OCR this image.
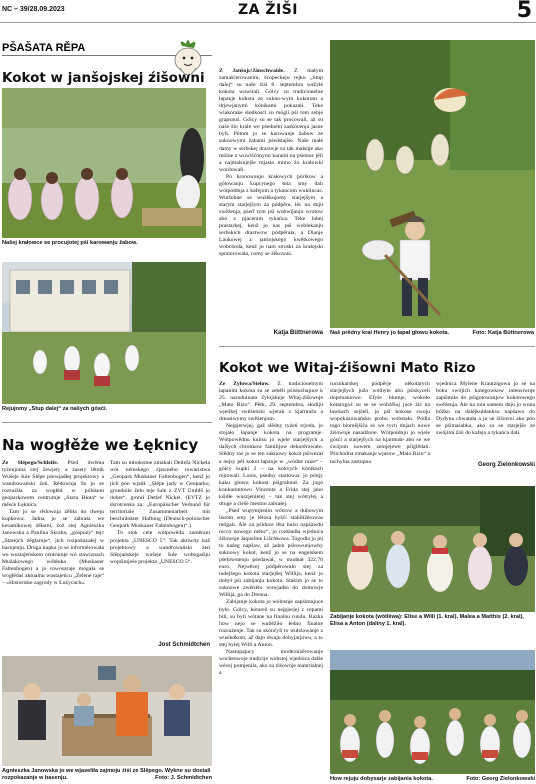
NC – 39/28.09.2023	ZA ŽIŠI	5
PŠAŠATA RĚPA
Kokot w janšojskej źišowni
Našej krałowce se procujotej pśi karowanju žabow.
Rejujomy „Stup dalej“ za našych gósći.

Z Janšojc/Jänschwalde. Z małym zamašćerowanim, šćopeckeju rejku „Stup dalej“ su naše źiśi 8. septembra wažyłe kokota wuwitali. Gólcy su tradicionelne łapanje kokota ze sukno-wym kokotom a drjewjanymi kónikami pokazali. Teke wiakorake słodkosći su mógli pśi tom sebje grapsnuś. Gólcy su se tak procowali, až su naše šio krale we pśedném zaskócenju jasne byli. Pótom jo se karowanje žabow ze suknowymi žabami pśedstajiło. Naše małe damy w serbskej drastwje su tak małsnje ako mólne z wuwišćonymi karami na pśemoc jěli a najmalsnjejše mjasto mimo źo krałowki wordowali.

Pó kronowanju krałowych pórikow a gótowanju kupcynego łota smy dali wótpołdnja z kafejom a tykancom wuklincas. Wutšobne se wužěkujomy starjejšym a starym starjejšym za pódpěru, lěc na dnju swěźenja, pśeď tym pśi wobwijanju wrotow abo z pjacenim tykańca. Teke lubej prastarkej, kenž jo nas pśi woblekanju serbskich drastwow pódpěrała, a Dianje Laukowej z janšojskego kwětkowego wobchoda, kenž jo nam struski za krałojski sponorowała, comy se źěkowaś.

Katja Büttnerowa Naš prědny kral Henry jo łapał głowu kokota.	Foto: Katja Büttnerowa
Kokot we Witaj-źišowni Mato Rizo

Ze Žylowa/Sielow. Z tradicionelnym łapanim kokota su se zeběli pśisłuchajuce k 25. narodninam žylojskeje Witaj-źišownje „Mato Rizo“. Pětk, 29. septembra, słodiju wjelikej swěźeński wjerak z kjarmušu a dreastwymy swěźenjom.

Nejpjerwjej, gaž slědny tyźeń srjodu, jo stojało łapanje kokota na programje. Wótpowědnu kulisu jo wjele starjejšych a dalšych chronkow familijow dekorěrowało. Slědny raz jo se ten suknowy kokot pśiwezał a nejsy pěl kokot łapanje w „wódne nuze“ – gólcy kupki 2 – na kokvych kónikach rejtowali. Lonis, pśedny startowar, jo pónjy kaku głowu kokota pśigrabnuł. Za jogo konkurentowu Vincenta a Frida stej jano kśidłe wuszjenietej – tak stej wótrylej a druge a ćiešè mestno zabrałej.

„Pśed wupytnjenim wótrow a dubowym listom smy je lětosa hyšći stabiliźěrowas mógali. Ale za pśiduce lěta buźo napšawdu nicco nowego měnc“, jo rozkładła wjednica źišownje Jaqueline Lišchkowa. Togodla jo jej to naźeg napšaw, až jaden pśirowunjowby suknowy kokot, kenž jo se na engelskem pśebiwstenju pśedawał, w mudnał 322,70 euro. Nejwěcej pódpěrowało stej za tudejšego kokota starjejšej Willija, kenž jo dobył pśi zabijanju kokota. Stakim jo se to suknowe zwěriěto wuwjadło do domowje Willija, ga do Dresna.

Zabijanje kokota jo wólosnje zapśimujuce było. Gólcy, kótarež su nejpjerjej z cepami bili, su byli wótane na finalnu rundu. Razka how nejo se wuběźiło łedno finalne rozsuźenje. Tak su skónčyli to wubźowanje z wusledkom, až dajo dwaju dobyjarjowu, a to stej byłej Willi a Anton.

Nastupajucy modernizěrowanje wochenwoje tradicije wobstoj wjednica dalše wěcej pomjenila, ako su źiśownje materialnej a

rucnikarskej pódpěrje někotarych starjejšych južo wótbyte abo pśiskyceli dopónaniowe. Efyśe blumje, wokoło kótarogoź su se se wobźěluj juce źiś na ławkach sejźeli, jo pśi kokose swoju wopokazowańsku probu wobstało. Pódla togo blomějšiča se we tych dnjach nowe źiśownje nasadźone. Wótpołdnju jo wjele gósći a starjejšych na kjarmuše abo se we swójom nowem zemjejewe pśiglědali. Pśichodna zmakanje wjasow „Mato Rizo“ a tuchylna zastupna

wjednica Mylene Krautzigowa jo se na boku swójich kolegowkow intensiwnje zapśimiła do pśigotowanjow kokotowego swěźenja. Ale na tom samem dnju jo wona bóžko na daléjkubłanksu napšawo do Dydyna chwatała a jo se źišowni ako pón se pśimaśabka, ako su se starjejše ze swójimi źiśi do kafeja a tykańca dali.

Georg Zielonkowski
Zabijanje kokota (wótlěwa): Elise a Willi (1. kral), Malea a Matthis (2. kral), Elisa a Anton (daliny 1. kral).
How rejuju dobysarje zabijania kokota.	Foto: Georg Zielonkowski
Na wogłěże we Łęknicy

Ze Slěpego/Schleife. Pśed dwěma tyźenjoma stej źewjety a źasety lětnik Wušeje šule Slěpe pśewjadłej projektowy a wandrowański źeń. Rědownja 9a jo se rozsuźiła za wogłěd w pólskem geoparkowem centrumje „Stara Błota“ w měsće Łęknica.

Tam jo se rědownja źěliła do dweju kupkowu: Jadna jo se zabrała we keramikowej źěłarni, źož stej Agnieszka Janowska a Paulina Skraba, „góspozy“ tejc „Starejch źěgłarnje“, jich rozpokazałej w basnjenju. Druga kupka jo se informěrowała we wustajeńskem centrumje wó stawiznach Mužakowego wóbłuka (Muskauer Faltenbogen) a jo rowosaraje mógała se wogłědaś aktualnu wustajeńcu „Zelene raje“ – »Historiske zagrody w Łužycach«.

Tam su młodostne zmakali Detlefa Nickela wót němskego zjawneho towaristwa „Geopark Muskauer Faltenbogen“, kenž jo jich pón wjadł. „Slěpe jady w Geoparku, grondnile žeło teje šule z ZVT GmbH jo dobre“, gronił Detlef Nickel. (EVTZ jo skrotcenka za: „Europäischer Verbund für territoriale Zusammenarbeit mit beschränkter Haftung (Deutsch-polnischer Geopark Muskauer Faltenbogen)“.)

To stok cele wótpowěda zaměram projekta „UNESCO 5“. Tak aktiwity kaž projektowy a wandrowański źeń Slěpjańskeje wušeje šule wobogaśiju wopśimjeśe projekta „UNESCO 5“.

Jost Schmidtchen
Agnieszka Janowska jo we wjaseliła zajmoju źiśi ze Slěpego. Wykne su dostali rozpokazanje w basenju.	Foto: J. Schmidtchen
